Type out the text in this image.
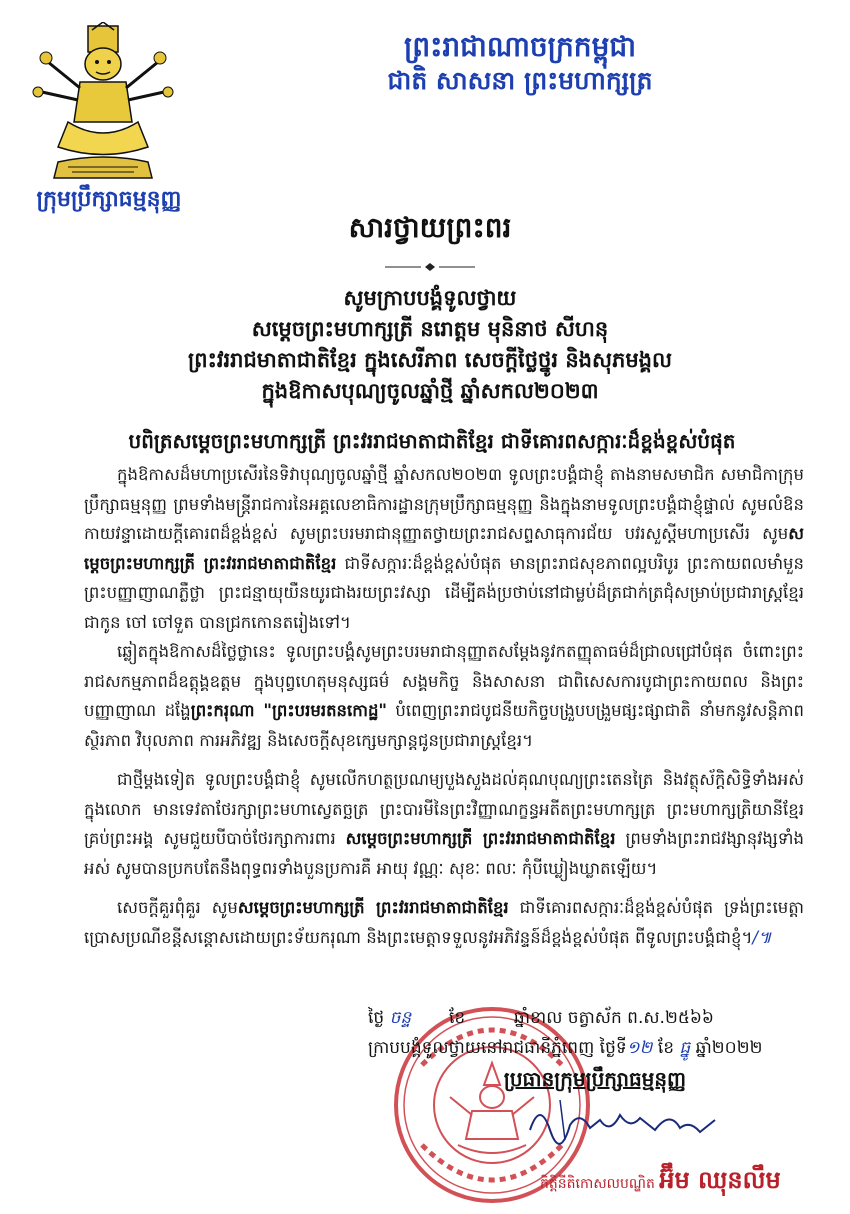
ក្រុមប្រឹក្សាធម្មនុញ្ញ
ព្រះរាជាណាចក្រកម្ពុជា
ជាតិ សាសនា ព្រះមហាក្សត្រ
សារថ្វាយព្រះពរ
សូមក្រាបបង្គំទូលថ្វាយ
សម្តេចព្រះមហាក្សត្រី នរោត្តម មុនិនាថ សីហនុ
ព្រះវររាជមាតាជាតិខ្មែរ ក្នុងសេរីភាព សេចក្តីថ្លៃថ្នូរ និងសុភមង្គល
ក្នុងឱកាសបុណ្យចូលឆ្នាំថ្មី ឆ្នាំសកល២០២៣
បពិត្រសម្តេចព្រះមហាក្សត្រី ព្រះវររាជមាតាជាតិខ្មែរ ជាទីគោរពសក្ការៈដ៏ខ្ពង់ខ្ពស់បំផុត
  ក្នុងឱកាសដ៏មហាប្រសើរនៃទិវាបុណ្យចូលឆ្នាំថ្មី ឆ្នាំសកល២០២៣ ទូលព្រះបង្គំជាខ្ញុំ តាងនាមសមាជិក សមាជិកាក្រុមប្រឹក្សាធម្មនុញ្ញ ព្រមទាំងមន្ត្រីរាជការនៃអគ្គលេខាធិការដ្ឋានក្រុមប្រឹក្សាធម្មនុញ្ញ និងក្នុងនាមទូលព្រះបង្គំជាខ្ញុំផ្ទាល់ សូមលំឱនកាយវន្ទាដោយក្តីគោរពដ៏ខ្ពង់ខ្ពស់ សូមព្រះបរមរាជានុញ្ញាតថ្វាយព្រះរាជសព្ទសាធុការជ័យ បវរសួស្តីមហាប្រសើរ សូមសម្តេចព្រះមហាក្សត្រី ព្រះវររាជមាតាជាតិខ្មែរ ជាទីសក្ការៈដ៏ខ្ពង់ខ្ពស់បំផុត មានព្រះរាជសុខភាពល្អបរិបូរ ព្រះកាយពលមាំមួន ព្រះបញ្ញាញាណភ្លឺថ្លា ព្រះជន្មាយុយឺនយូរជាងរយព្រះវស្សា ដើម្បីគង់ប្រថាប់នៅជាម្លប់ដ៏ត្រជាក់ត្រជុំសម្រាប់ប្រជារាស្ត្រខ្មែរ ជាកូន ចៅ ចៅទួត បានជ្រកកោនតរៀងទៅ។
  ឆ្លៀតក្នុងឱកាសដ៏ថ្លៃថ្លានេះ ទូលព្រះបង្គំសូមព្រះបរមរាជានុញ្ញាតសម្តែងនូវកតញ្ញុតាធម៌ដ៏ជ្រាលជ្រៅបំផុត ចំពោះព្រះរាជសកម្មភាពដ៏ឧត្តុង្គឧត្តម ក្នុងបុព្វហេតុមនុស្សធម៌ សង្គមកិច្ច និងសាសនា ជាពិសេសការបូជាព្រះកាយពល និងព្រះបញ្ញាញាណ ដង្ហែព្រះករុណា "ព្រះបរមរតនកោដ្ឋ" បំពេញព្រះរាជបូជនីយកិច្ចបង្រួបបង្រួមផ្សះផ្សាជាតិ នាំមកនូវសន្តិភាព ស្ថិរភាព វិបុលភាព ការអភិវឌ្ឍ និងសេចក្តីសុខក្សេមក្សាន្តជូនប្រជារាស្ត្រខ្មែរ។
  ជាថ្មីម្តងទៀត ទូលព្រះបង្គំជាខ្ញុំ សូមលើកហត្ថប្រណម្យបួងសួងដល់គុណបុណ្យព្រះតេនត្រៃ និងវត្ថុស័ក្តិសិទ្ធិទាំងអស់ក្នុងលោក មានទេវតាថែរក្សាព្រះមហាស្វេតច្ឆត្រ ព្រះបារមីនៃព្រះវិញ្ញាណក្ខន្ធអតីតព្រះមហាក្សត្រ ព្រះមហាក្សត្រិយានីខ្មែរគ្រប់ព្រះអង្គ សូមជួយបីបាច់ថែរក្សាការពារ សម្តេចព្រះមហាក្សត្រី ព្រះវររាជមាតាជាតិខ្មែរ ព្រមទាំងព្រះរាជវង្សានុវង្សទាំងអស់ សូមបានប្រកបតែនឹងពុទ្ធពរទាំងបួនប្រការគឺ អាយុ វណ្ណៈ សុខៈ ពលៈ កុំបីឃ្លៀងឃ្លាតឡើយ។
  សេចក្តីគួរពុំគួរ សូមសម្តេចព្រះមហាក្សត្រី ព្រះវររាជមាតាជាតិខ្មែរ ជាទីគោរពសក្ការៈដ៏ខ្ពង់ខ្ពស់បំផុត ទ្រង់ព្រះមេត្តាប្រោសប្រណីខន្តីសន្តោសដោយព្រះទ័យករុណា និងព្រះមេត្តាទទួលនូវអភិវន្ទន៍ដ៏ខ្ពង់ខ្ពស់បំផុត ពីទូលព្រះបង្គំជាខ្ញុំ។/៕
ថ្ងៃ ចន្ទ ខែ	ឆ្នាំខាល ចត្វាស័ក ព.ស.២៥៦៦
ក្រាបបង្គំទូលថ្វាយនៅរាជធានីភ្នំពេញ ថ្ងៃទី១២ ខែ ធ្នូ ឆ្នាំ២០២២
ប្រធានក្រុមប្រឹក្សាធម្មនុញ្ញ
កិត្តិនីតិកោសលបណ្ឌិត អ៊ឹម ឈុនលឹម
